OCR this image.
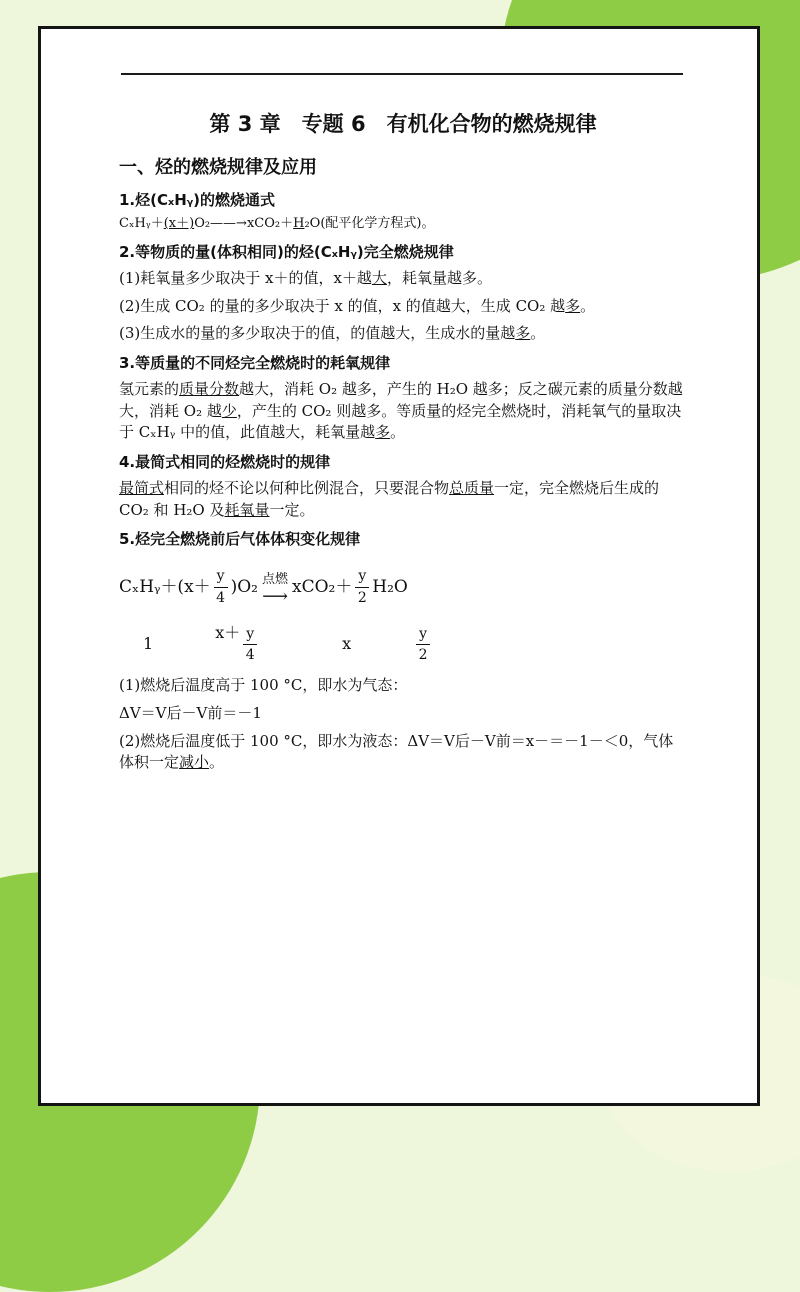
第 3 章　专题 6　有机化合物的燃烧规律
一、烃的燃烧规律及应用
1.烃(CₓHᵧ)的燃烧通式
CₓHᵧ＋(x＋)O₂——→xCO₂＋H₂O(配平化学方程式)。
2.等物质的量(体积相同)的烃(CₓHᵧ)完全燃烧规律
(1)耗氧量多少取决于 x＋的值，x＋越大，耗氧量越多。
(2)生成 CO₂ 的量的多少取决于 x 的值，x 的值越大，生成 CO₂ 越多。
(3)生成水的量的多少取决于的值，的值越大，生成水的量越多。
3.等质量的不同烃完全燃烧时的耗氧规律
氢元素的质量分数越大，消耗 O₂ 越多，产生的 H₂O 越多；反之碳元素的质量分数越大，消耗 O₂ 越少，产生的 CO₂ 则越多。等质量的烃完全燃烧时，消耗氧气的量取决于 CₓHᵧ 中的值，此值越大，耗氧量越多。
4.最简式相同的烃燃烧时的规律
最简式相同的烃不论以何种比例混合，只要混合物总质量一定，完全燃烧后生成的 CO₂ 和 H₂O 及耗氧量一定。
5.烃完全燃烧前后气体体积变化规律
CₓHᵧ $+(x+ \frac{y}{4} )O_2$ 点燃
⟶ $xCO_2+ \frac{y}{2} H_2O$
1
$x+ \frac{y}{4}$	x	$\frac{y}{2}$
(1)燃烧后温度高于 100 °C，即水为气态：
ΔV＝V后－V前＝－1
(2)燃烧后温度低于 100 °C，即水为液态：ΔV＝V后－V前＝x－＝－1－＜0，气体体积一定减小。
